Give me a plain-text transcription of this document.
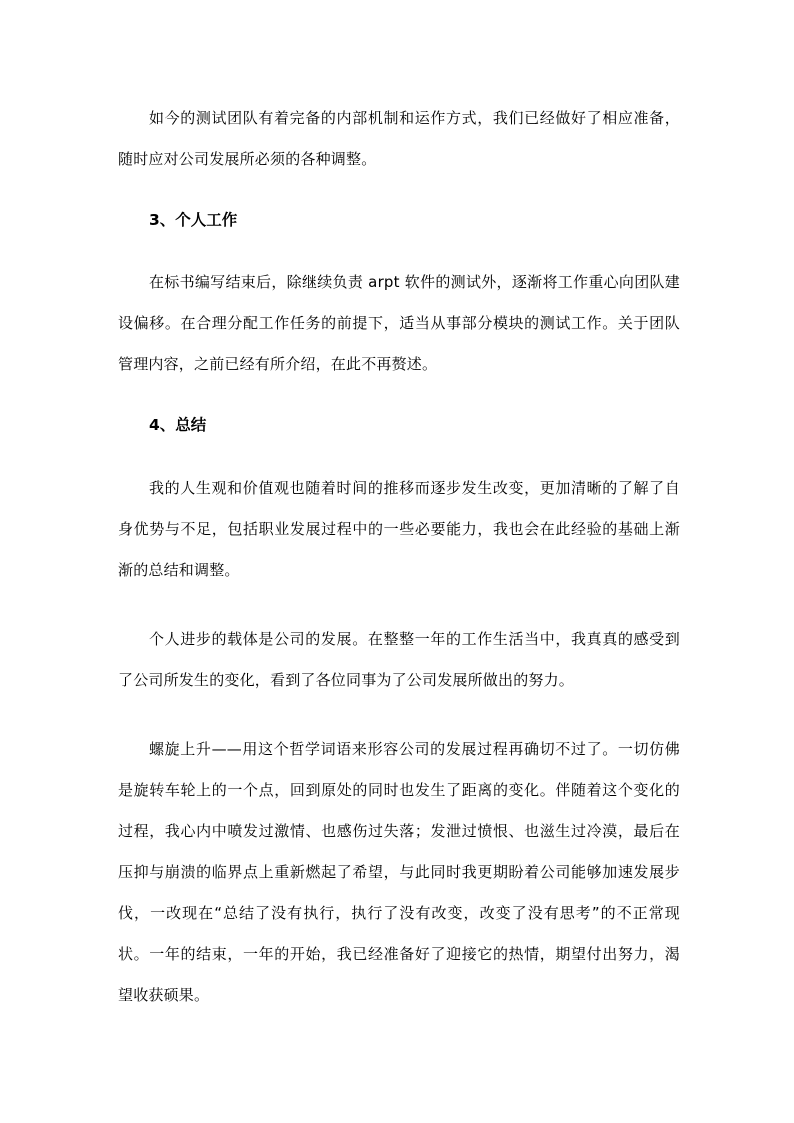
如今的测试团队有着完备的内部机制和运作方式，我们已经做好了相应准备，随时应对公司发展所必须的各种调整。

3、个人工作

在标书编写结束后，除继续负责 arpt 软件的测试外，逐渐将工作重心向团队建设偏移。在合理分配工作任务的前提下，适当从事部分模块的测试工作。关于团队管理内容，之前已经有所介绍，在此不再赘述。

4、总结

我的人生观和价值观也随着时间的推移而逐步发生改变，更加清晰的了解了自身优势与不足，包括职业发展过程中的一些必要能力，我也会在此经验的基础上渐渐的总结和调整。

个人进步的载体是公司的发展。在整整一年的工作生活当中，我真真的感受到了公司所发生的变化，看到了各位同事为了公司发展所做出的努力。

螺旋上升——用这个哲学词语来形容公司的发展过程再确切不过了。一切仿佛是旋转车轮上的一个点，回到原处的同时也发生了距离的变化。伴随着这个变化的过程，我心内中喷发过激情、也感伤过失落；发泄过愤恨、也滋生过冷漠，最后在压抑与崩溃的临界点上重新燃起了希望，与此同时我更期盼着公司能够加速发展步伐，一改现在“总结了没有执行，执行了没有改变，改变了没有思考”的不正常现状。一年的结束，一年的开始，我已经准备好了迎接它的热情，期望付出努力，渴望收获硕果。
